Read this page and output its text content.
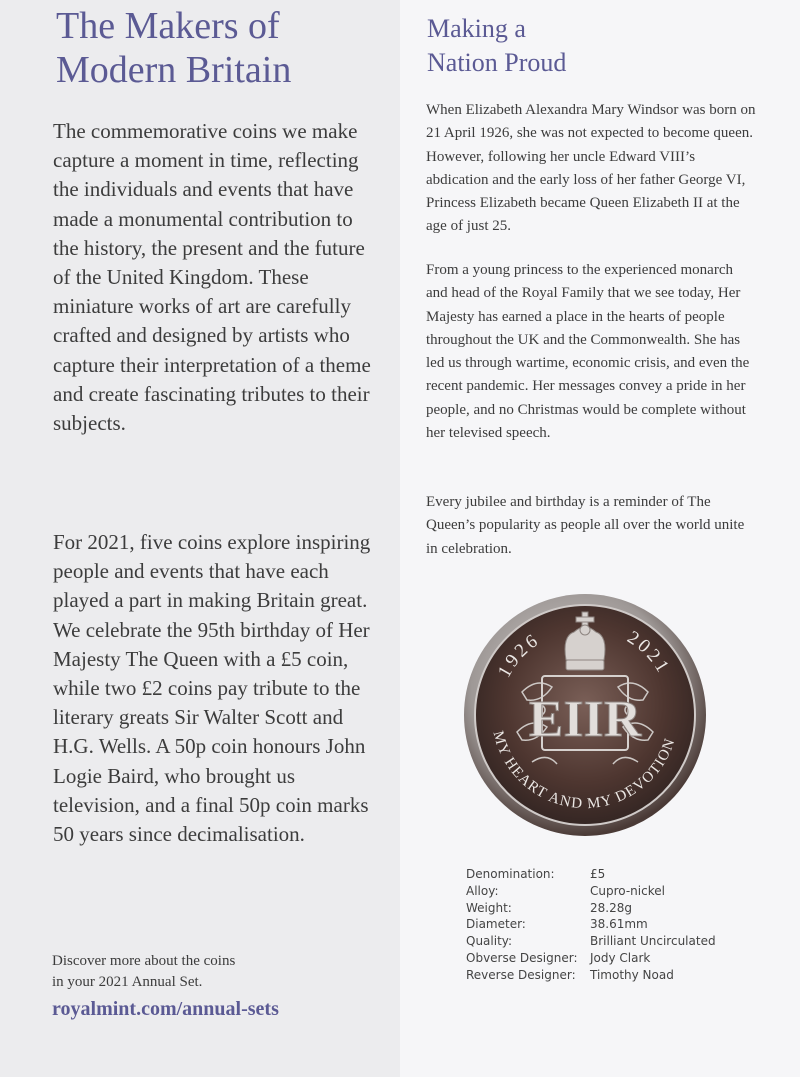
The Makers of
Modern Britain

The commemorative coins we make capture a moment in time, reflecting the individuals and events that have made a monumental contribution to the history, the present and the future of the United Kingdom. These miniature works of art are carefully crafted and designed by artists who capture their interpretation of a theme and create fascinating tributes to their subjects.

For 2021, five coins explore inspiring people and events that have each played a part in making Britain great. We celebrate the 95th birthday of Her Majesty The Queen with a £5 coin, while two £2 coins pay tribute to the literary greats Sir Walter Scott and H.G. Wells. A 50p coin honours John Logie Baird, who brought us television, and a final 50p coin marks 50 years since decimalisation.

Discover more about the coins
in your 2021 Annual Set.

royalmint.com/annual-sets
Making a
Nation Proud

When Elizabeth Alexandra Mary Windsor was born on 21 April 1926, she was not expected to become queen. However, following her uncle Edward VIII’s abdication and the early loss of her father George VI, Princess Elizabeth became Queen Elizabeth II at the age of just 25.

From a young princess to the experienced monarch and head of the Royal Family that we see today, Her Majesty has earned a place in the hearts of people throughout the UK and the Commonwealth. She has led us through wartime, economic crisis, and even the recent pandemic. Her messages convey a pride in her people, and no Christmas would be complete without her televised speech.

Every jubilee and birthday is a reminder of The Queen’s popularity as people all over the world unite in celebration.

EIIR
1926	2021
MY HEART AND MY DEVOTION
Denomination:	£5
Alloy:	Cupro-nickel
Weight:	28.28g
Diameter:	38.61mm
Quality:	Brilliant Uncirculated
Obverse Designer:	Jody Clark
Reverse Designer:	Timothy Noad
